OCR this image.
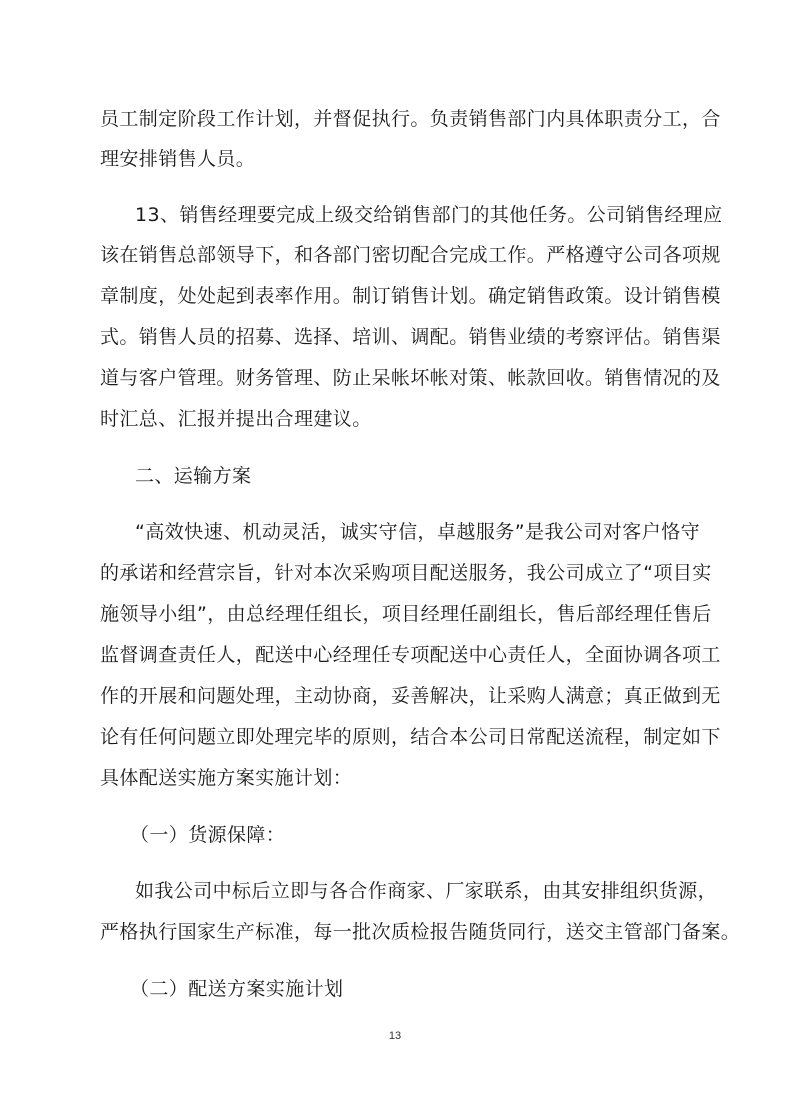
员工制定阶段工作计划，并督促执行。负责销售部门内具体职责分工，合
理安排销售人员。
13、销售经理要完成上级交给销售部门的其他任务。公司销售经理应
该在销售总部领导下，和各部门密切配合完成工作。严格遵守公司各项规
章制度，处处起到表率作用。制订销售计划。确定销售政策。设计销售模
式。销售人员的招募、选择、培训、调配。销售业绩的考察评估。销售渠
道与客户管理。财务管理、防止呆帐坏帐对策、帐款回收。销售情况的及
时汇总、汇报并提出合理建议。
二、运输方案
“高效快速、机动灵活，诚实守信，卓越服务”是我公司对客户恪守
的承诺和经营宗旨，针对本次采购项目配送服务，我公司成立了“项目实
施领导小组”，由总经理任组长，项目经理任副组长，售后部经理任售后
监督调查责任人，配送中心经理任专项配送中心责任人，全面协调各项工
作的开展和问题处理，主动协商，妥善解决，让采购人满意；真正做到无
论有任何问题立即处理完毕的原则，结合本公司日常配送流程，制定如下
具体配送实施方案实施计划：
（一）货源保障：
如我公司中标后立即与各合作商家、厂家联系，由其安排组织货源，
严格执行国家生产标准，每一批次质检报告随货同行，送交主管部门备案。
（二）配送方案实施计划
13
